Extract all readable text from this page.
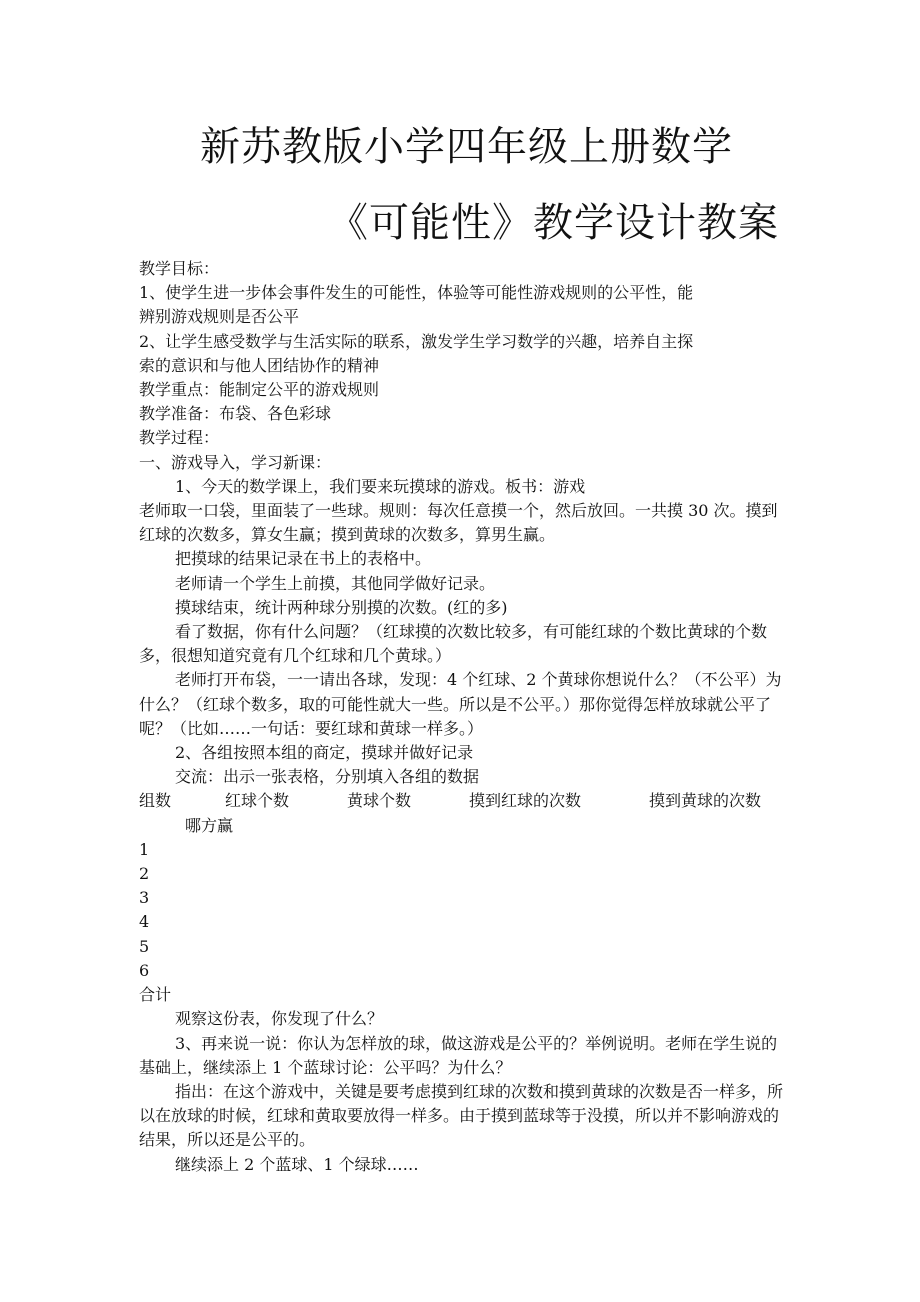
新苏教版小学四年级上册数学
《可能性》教学设计教案

教学目标：

1、使学生进一步体会事件发生的可能性，体验等可能性游戏规则的公平性，能

辨别游戏规则是否公平

2、让学生感受数学与生活实际的联系，激发学生学习数学的兴趣，培养自主探

索的意识和与他人团结协作的精神

教学重点：能制定公平的游戏规则

教学准备：布袋、各色彩球

教学过程：

一、游戏导入，学习新课：

1、今天的数学课上，我们要来玩摸球的游戏。板书：游戏

老师取一口袋，里面装了一些球。规则：每次任意摸一个，然后放回。一共摸 30 次。摸到红球的次数多，算女生赢；摸到黄球的次数多，算男生赢。

把摸球的结果记录在书上的表格中。

老师请一个学生上前摸，其他同学做好记录。

摸球结束，统计两种球分别摸的次数。(红的多)

看了数据，你有什么问题？（红球摸的次数比较多，有可能红球的个数比黄球的个数多，很想知道究竟有几个红球和几个黄球。）

老师打开布袋，一一请出各球，发现：4 个红球、2 个黄球你想说什么？（不公平）为什么？（红球个数多，取的可能性就大一些。所以是不公平。）那你觉得怎样放球就公平了呢？（比如……一句话：要红球和黄球一样多。）

2、各组按照本组的商定，摸球并做好记录

交流：出示一张表格，分别填入各组的数据

组数	红球个数	黄球个数	摸到红球的次数	摸到黄球的次数

哪方赢

1

2

3

4

5

6

合计

观察这份表，你发现了什么？

3、再来说一说：你认为怎样放的球，做这游戏是公平的？举例说明。老师在学生说的基础上，继续添上 1 个蓝球讨论：公平吗？为什么？

指出：在这个游戏中，关键是要考虑摸到红球的次数和摸到黄球的次数是否一样多，所以在放球的时候，红球和黄取要放得一样多。由于摸到蓝球等于没摸，所以并不影响游戏的结果，所以还是公平的。

继续添上 2 个蓝球、1 个绿球……
